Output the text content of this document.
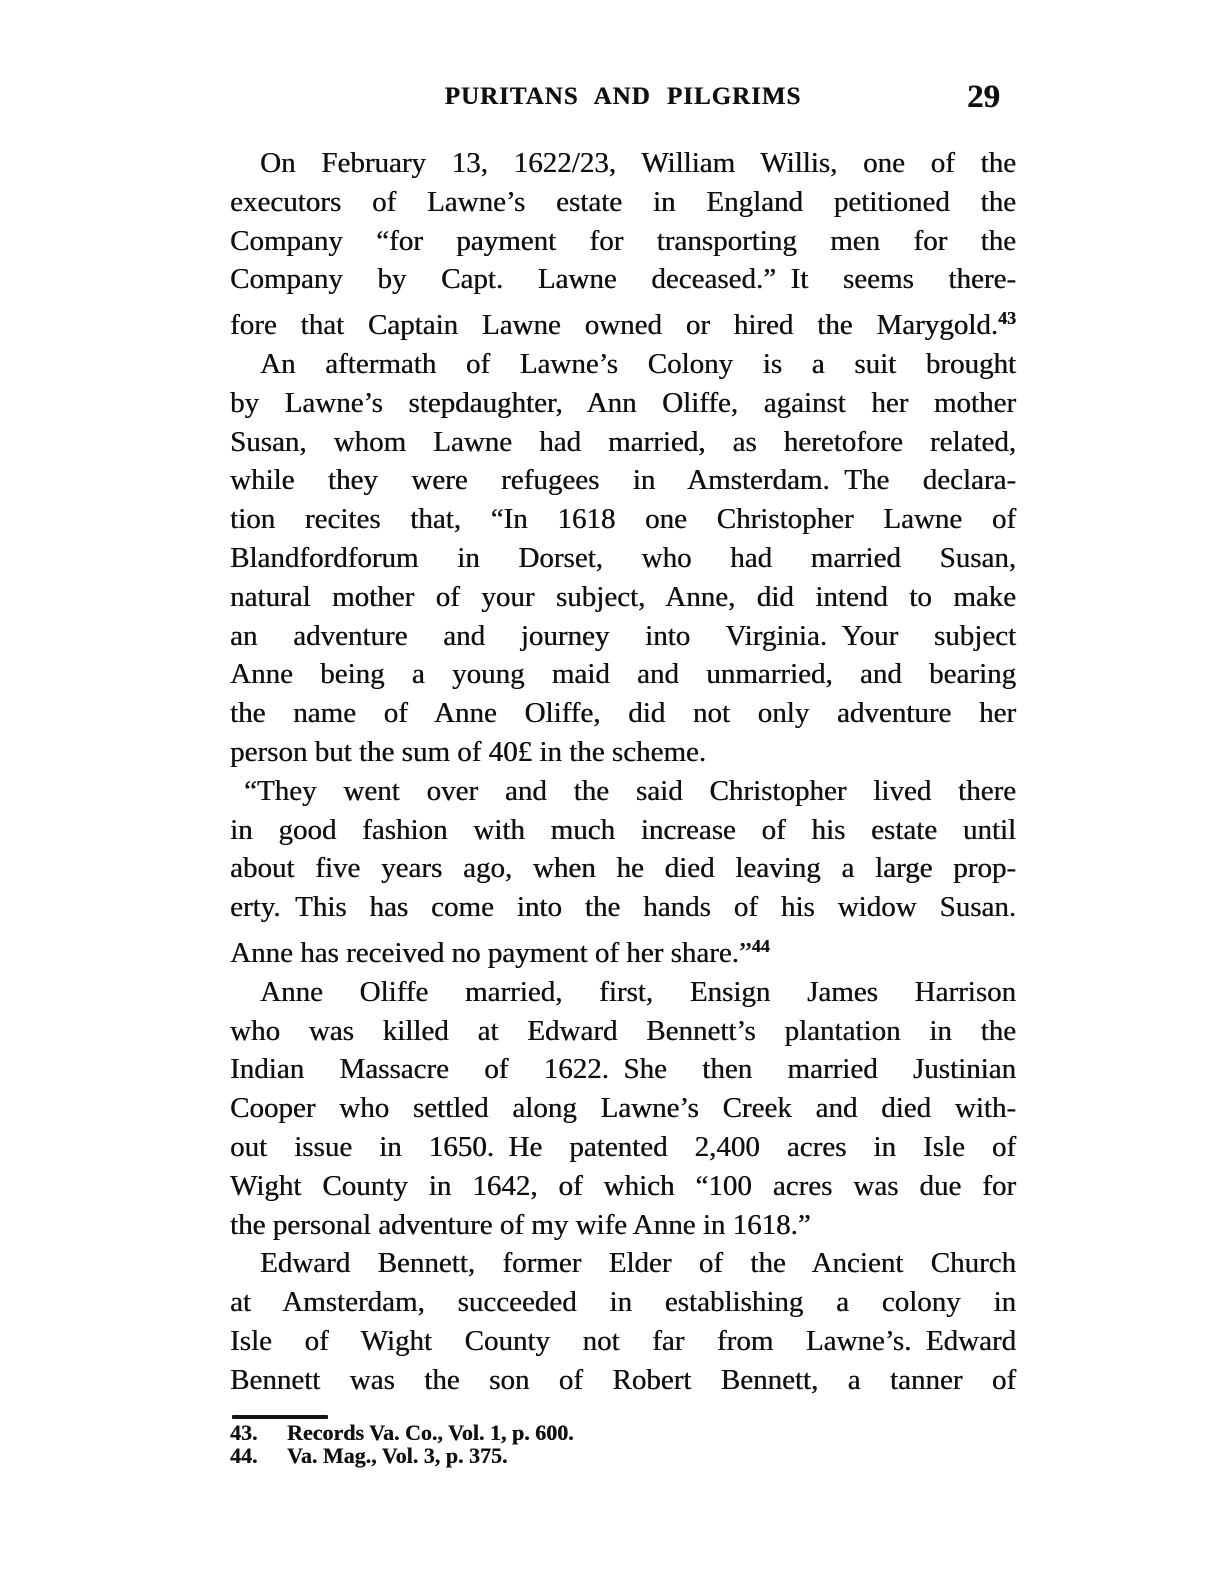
PURITANS AND PILGRIMS	29
On February 13, 1622/23, William Willis, one of the
executors of Lawne’s estate in England petitioned the
Company “for payment for transporting men for the
Company by Capt. Lawne deceased.” It seems there-
fore that Captain Lawne owned or hired the Marygold.$^{43}$
An aftermath of Lawne’s Colony is a suit brought
by Lawne’s stepdaughter, Ann Oliffe, against her mother
Susan, whom Lawne had married, as heretofore related,
while they were refugees in Amsterdam. The declara-
tion recites that, “In 1618 one Christopher Lawne of
Blandfordforum in Dorset, who had married Susan,
natural mother of your subject, Anne, did intend to make
an adventure and journey into Virginia. Your subject
Anne being a young maid and unmarried, and bearing
the name of Anne Oliffe, did not only adventure her
person but the sum of 40£ in the scheme.
“They went over and the said Christopher lived there
in good fashion with much increase of his estate until
about five years ago, when he died leaving a large prop-
erty. This has come into the hands of his widow Susan.
Anne has received no payment of her share.”$^{44}$
Anne Oliffe married, first, Ensign James Harrison
who was killed at Edward Bennett’s plantation in the
Indian Massacre of 1622. She then married Justinian
Cooper who settled along Lawne’s Creek and died with-
out issue in 1650. He patented 2,400 acres in Isle of
Wight County in 1642, of which “100 acres was due for
the personal adventure of my wife Anne in 1618.”
Edward Bennett, former Elder of the Ancient Church
at Amsterdam, succeeded in establishing a colony in
Isle of Wight County not far from Lawne’s. Edward
Bennett was the son of Robert Bennett, a tanner of
43. Records Va. Co., Vol. 1, p. 600.
44. Va. Mag., Vol. 3, p. 375.
